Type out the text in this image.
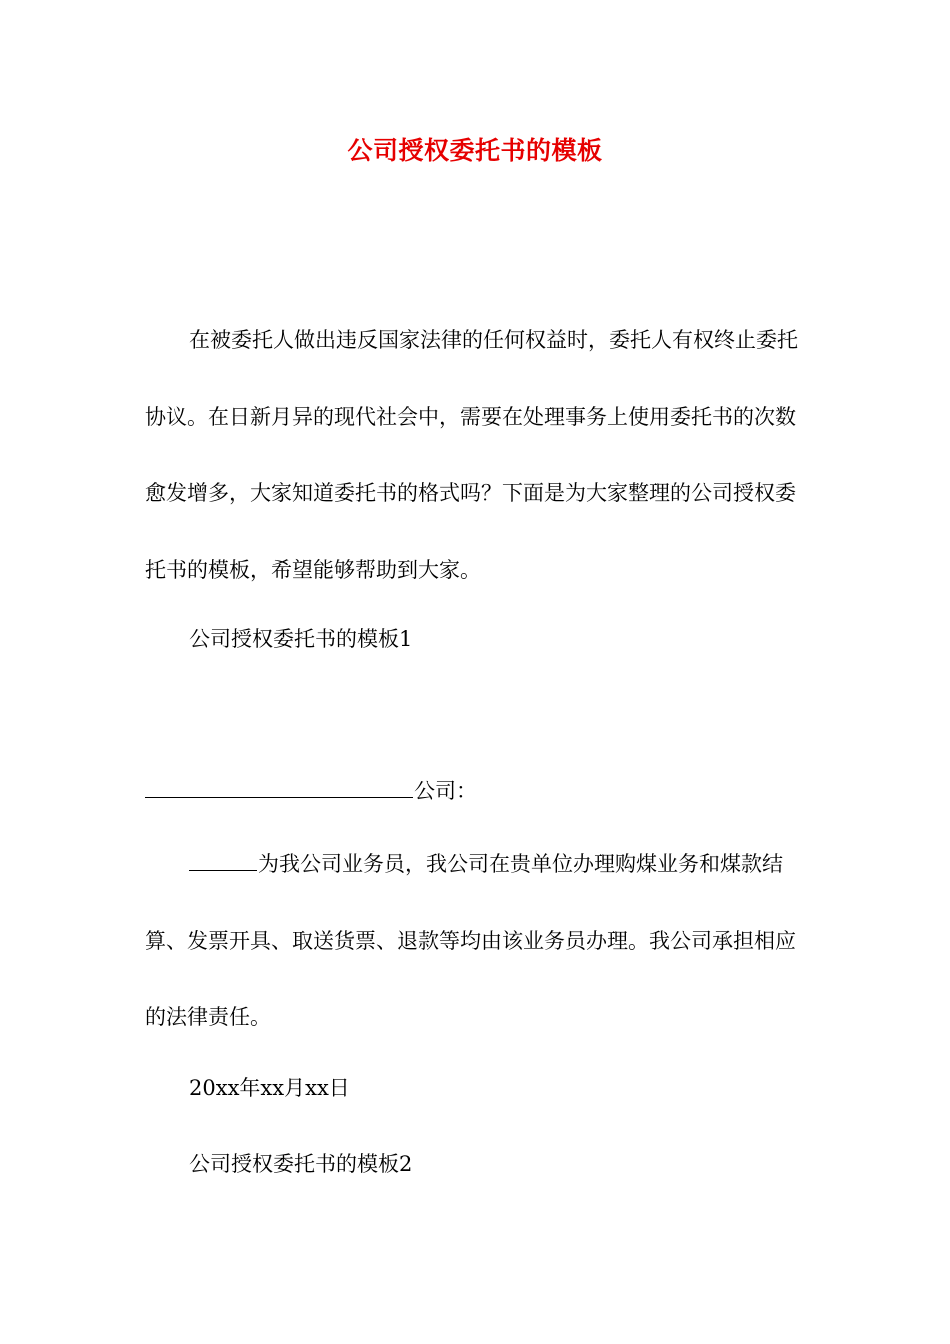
公司授权委托书的模板

在被委托人做出违反国家法律的任何权益时，委托人有权终止委托协议。在日新月异的现代社会中，需要在处理事务上使用委托书的次数愈发增多，大家知道委托书的格式吗？下面是为大家整理的公司授权委托书的模板，希望能够帮助到大家。

公司授权委托书的模板1

公司：

为我公司业务员，我公司在贵单位办理购煤业务和煤款结算、发票开具、取送货票、退款等均由该业务员办理。我公司承担相应的法律责任。

20xx年xx月xx日

公司授权委托书的模板2
